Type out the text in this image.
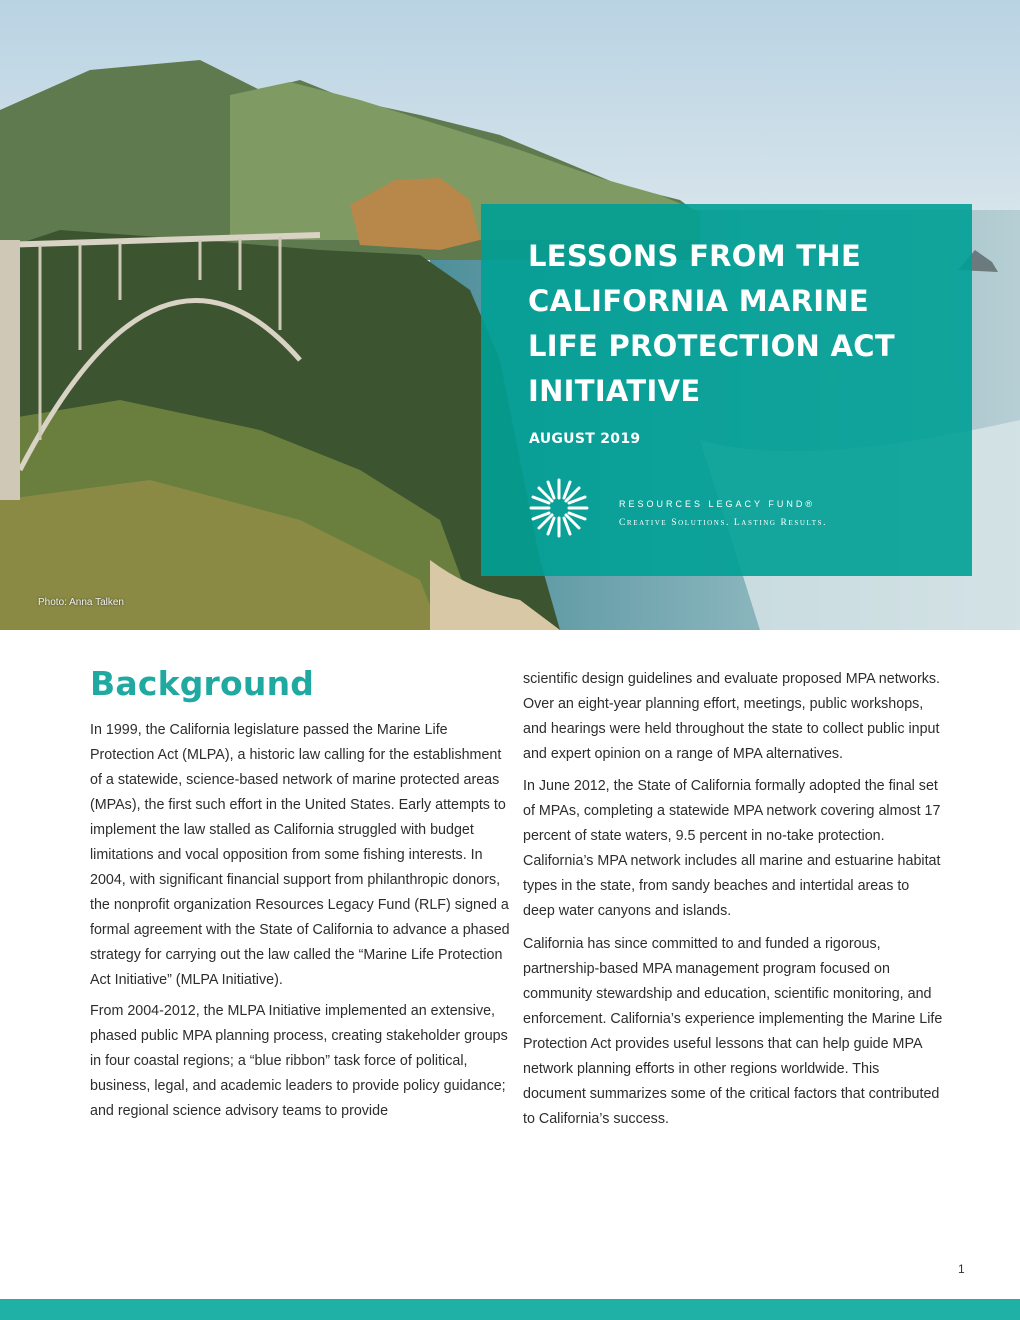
Photo: Anna Talken
LESSONS FROM THE CALIFORNIA MARINE LIFE PROTECTION ACT INITIATIVE
AUGUST 2019
RESOURCES LEGACY FUND®
Creative Solutions. Lasting Results.
Background

In 1999, the California legislature passed the Marine Life Protection Act (MLPA), a historic law calling for the establishment of a statewide, science-based network of marine protected areas (MPAs), the first such effort in the United States. Early attempts to implement the law stalled as California struggled with budget limitations and vocal opposition from some fishing interests. In 2004, with significant financial support from philanthropic donors, the nonprofit organization Resources Legacy Fund (RLF) signed a formal agreement with the State of California to advance a phased strategy for carrying out the law called the “Marine Life Protection Act Initiative” (MLPA Initiative).

From 2004-2012, the MLPA Initiative implemented an extensive, phased public MPA planning process, creating stakeholder groups in four coastal regions; a “blue ribbon” task force of political, business, legal, and academic leaders to provide policy guidance; and regional science advisory teams to provide

scientific design guidelines and evaluate proposed MPA networks. Over an eight-year planning effort, meetings, public workshops, and hearings were held throughout the state to collect public input and expert opinion on a range of MPA alternatives.

In June 2012, the State of California formally adopted the final set of MPAs, completing a statewide MPA network covering almost 17 percent of state waters, 9.5 percent in no-take protection. California’s MPA network includes all marine and estuarine habitat types in the state, from sandy beaches and intertidal areas to deep water canyons and islands.

California has since committed to and funded a rigorous, partnership-based MPA management program focused on community stewardship and education, scientific monitoring, and enforcement. California’s experience implementing the Marine Life Protection Act provides useful lessons that can help guide MPA network planning efforts in other regions worldwide. This document summarizes some of the critical factors that contributed to California’s success.

1
